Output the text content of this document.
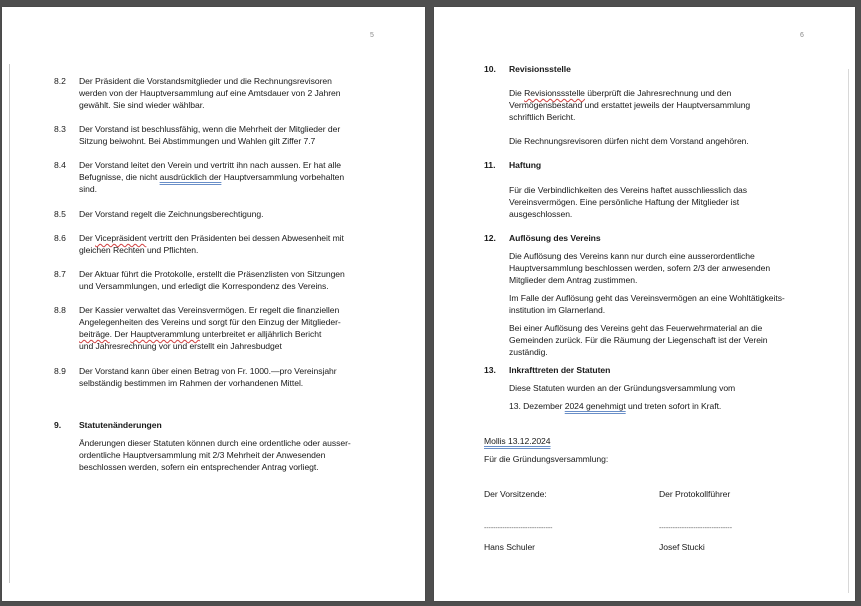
5
8.2 Der Präsident die Vorstandsmitglieder und die Rechnungsrevisoren
werden von der Hauptversammlung auf eine Amtsdauer von 2 Jahren
gewählt. Sie sind wieder wählbar.
8.3 Der Vorstand ist beschlussfähig, wenn die Mehrheit der Mitglieder der
Sitzung beiwohnt. Bei Abstimmungen und Wahlen gilt Ziffer 7.7
8.4 Der Vorstand leitet den Verein und vertritt ihn nach aussen. Er hat alle
Befugnisse, die nicht ausdrücklich der Hauptversammlung vorbehalten
sind.
8.5 Der Vorstand regelt die Zeichnungsberechtigung.
8.6 Der Vicepräsident vertritt den Präsidenten bei dessen Abwesenheit mit
gleichen Rechten und Pflichten.
8.7 Der Aktuar führt die Protokolle, erstellt die Präsenzlisten von Sitzungen
und Versammlungen, und erledigt die Korrespondenz des Vereins.
8.8 Der Kassier verwaltet das Vereinsvermögen. Er regelt die finanziellen
Angelegenheiten des Vereins und sorgt für den Einzug der Mitglieder-
beiträge. Der Hauptverammlung unterbreitet er alljährlich Bericht
und Jahresrechnung vor und erstellt ein Jahresbudget
8.9 Der Vorstand kann über einen Betrag von Fr. 1000.—pro Vereinsjahr
selbständig bestimmen im Rahmen der vorhandenen Mittel.
9. Statutenänderungen
Änderungen dieser Statuten können durch eine ordentliche oder ausser-
ordentliche Hauptversammlung mit 2/3 Mehrheit der Anwesenden
beschlossen werden, sofern ein entsprechender Antrag vorliegt.
6
10. Revisionsstelle
Die Revisionssstelle überprüft die Jahresrechnung und den
Vermögensbestand und erstattet jeweils der Hauptversammlung
schriftlich Bericht.
Die Rechnungsrevisoren dürfen nicht dem Vorstand angehören.
11. Haftung
Für die Verbindlichkeiten des Vereins haftet ausschliesslich das
Vereinsvermögen. Eine persönliche Haftung der Mitglieder ist
ausgeschlossen.
12. Auflösung des Vereins
Die Auflösung des Vereins kann nur durch eine ausserordentliche
Hauptversammlung beschlossen werden, sofern 2/3 der anwesenden
Mitglieder dem Antrag zustimmen.
Im Falle der Auflösung geht das Vereinsvermögen an eine Wohltätigkeits-
institution im Glarnerland.
Bei einer Auflösung des Vereins geht das Feuerwehrmaterial an die
Gemeinden zurück. Für die Räumung der Liegenschaft ist der Verein
zuständig.
13. Inkrafttreten der Statuten
Diese Statuten wurden an der Gründungsversammlung vom
13. Dezember 2024 genehmigt und treten sofort in Kraft.
Mollis 13.12.2024
Für die Gründungsversammlung:
Der Vorsitzende:	Der Protokollführer
------------------------------	--------------------------------
Hans Schuler	Josef Stucki
